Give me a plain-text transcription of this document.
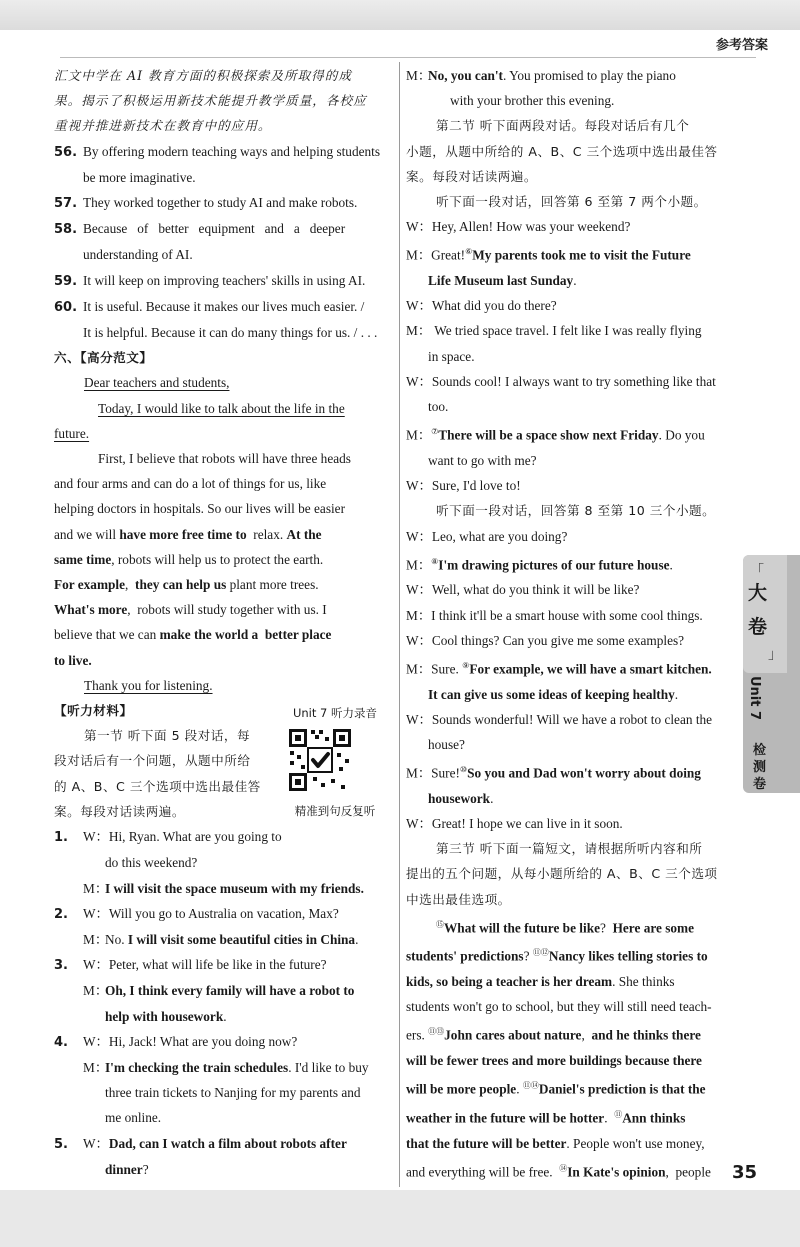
参考答案
汇文中学在 AI 教育方面的积极探索及所取得的成
果。揭示了积极运用新技术能提升教学质量，各校应
重视并推进新技术在教育中的应用。
56. By offering modern teaching ways and helping students
be more imaginative.
57. They worked together to study AI and make robots.
58. Because   of   better   equipment   and   a   deeper
understanding of AI.
59. It will keep on improving teachers' skills in using AI.
60. It is useful. Because it makes our lives much easier. /
It is helpful. Because it can do many things for us. / . . .
六、【高分范文】
Dear teachers and students,
Today, I would like to talk about the life in the
future.
First, I believe that robots will have three heads
and four arms and can do a lot of things for us, like
helping doctors in hospitals. So our lives will be easier
and we will have more free time to  relax. At the
same time, robots will help us to protect the earth.
For example,  they can help us plant more trees.
What's more,  robots will study together with us. I
believe that we can make the world a  better place
to live.
Thank you for listening.
【听力材料】
第一节 听下面 5 段对话，每
段对话后有一个问题，从题中所给
的 A、B、C 三个选项中选出最佳答
案。每段对话读两遍。
1. W：Hi, Ryan. What are you going to
do this weekend?
M：I will visit the space museum with my friends.
2. W：Will you go to Australia on vacation, Max?
M：No. I will visit some beautiful cities in China.
3. W：Peter, what will life be like in the future?
M：Oh, I think every family will have a robot to
help with housework.
4. W：Hi, Jack! What are you doing now?
M：I'm checking the train schedules. I'd like to buy
three train tickets to Nanjing for my parents and
me online.
5. W：Dad, can I watch a film about robots after
dinner?
Unit 7 听力录音
精准到句反复听
M：No, you can't. You promised to play the piano
with your brother this evening.
第二节 听下面两段对话。每段对话后有几个
小题，从题中所给的 A、B、C 三个选项中选出最佳答
案。每段对话读两遍。
听下面一段对话，回答第 6 至第 7 两个小题。
W：Hey, Allen! How was your weekend?
M：Great!⑥My parents took me to visit the Future
Life Museum last Sunday.
W：What did you do there?
M： We tried space travel. I felt like I was really flying
in space.
W：Sounds cool! I always want to try something like that
too.
M：⑦There will be a space show next Friday. Do you
want to go with me?
W：Sure, I'd love to!
听下面一段对话，回答第 8 至第 10 三个小题。
W：Leo, what are you doing?
M：⑧I'm drawing pictures of our future house.
W：Well, what do you think it will be like?
M：I think it'll be a smart house with some cool things.
W：Cool things? Can you give me some examples?
M：Sure. ⑨For example, we will have a smart kitchen.
It can give us some ideas of keeping healthy.
W：Sounds wonderful! Will we have a robot to clean the
house?
M：Sure!⑩So you and Dad won't worry about doing
housework.
W：Great! I hope we can live in it soon.
第三节 听下面一篇短文，请根据所听内容和所
提出的五个问题，从每小题所给的 A、B、C 三个选项
中选出最佳选项。
⑮What will the future be like?  Here are some
students' predictions? ⑪⑫Nancy likes telling stories to
kids, so being a teacher is her dream. She thinks
students won't go to school, but they will still need teach-
ers. ⑪⑬John cares about nature,  and he thinks there
will be fewer trees and more buildings because there
will be more people. ⑪⑭Daniel's prediction is that the
weather in the future will be hotter.  ⑪Ann thinks
that the future will be better. People won't use money,
and everything will be free.  ⑭In Kate's opinion,  people
「
大
卷
」
Unit 7
检
测
卷
35
